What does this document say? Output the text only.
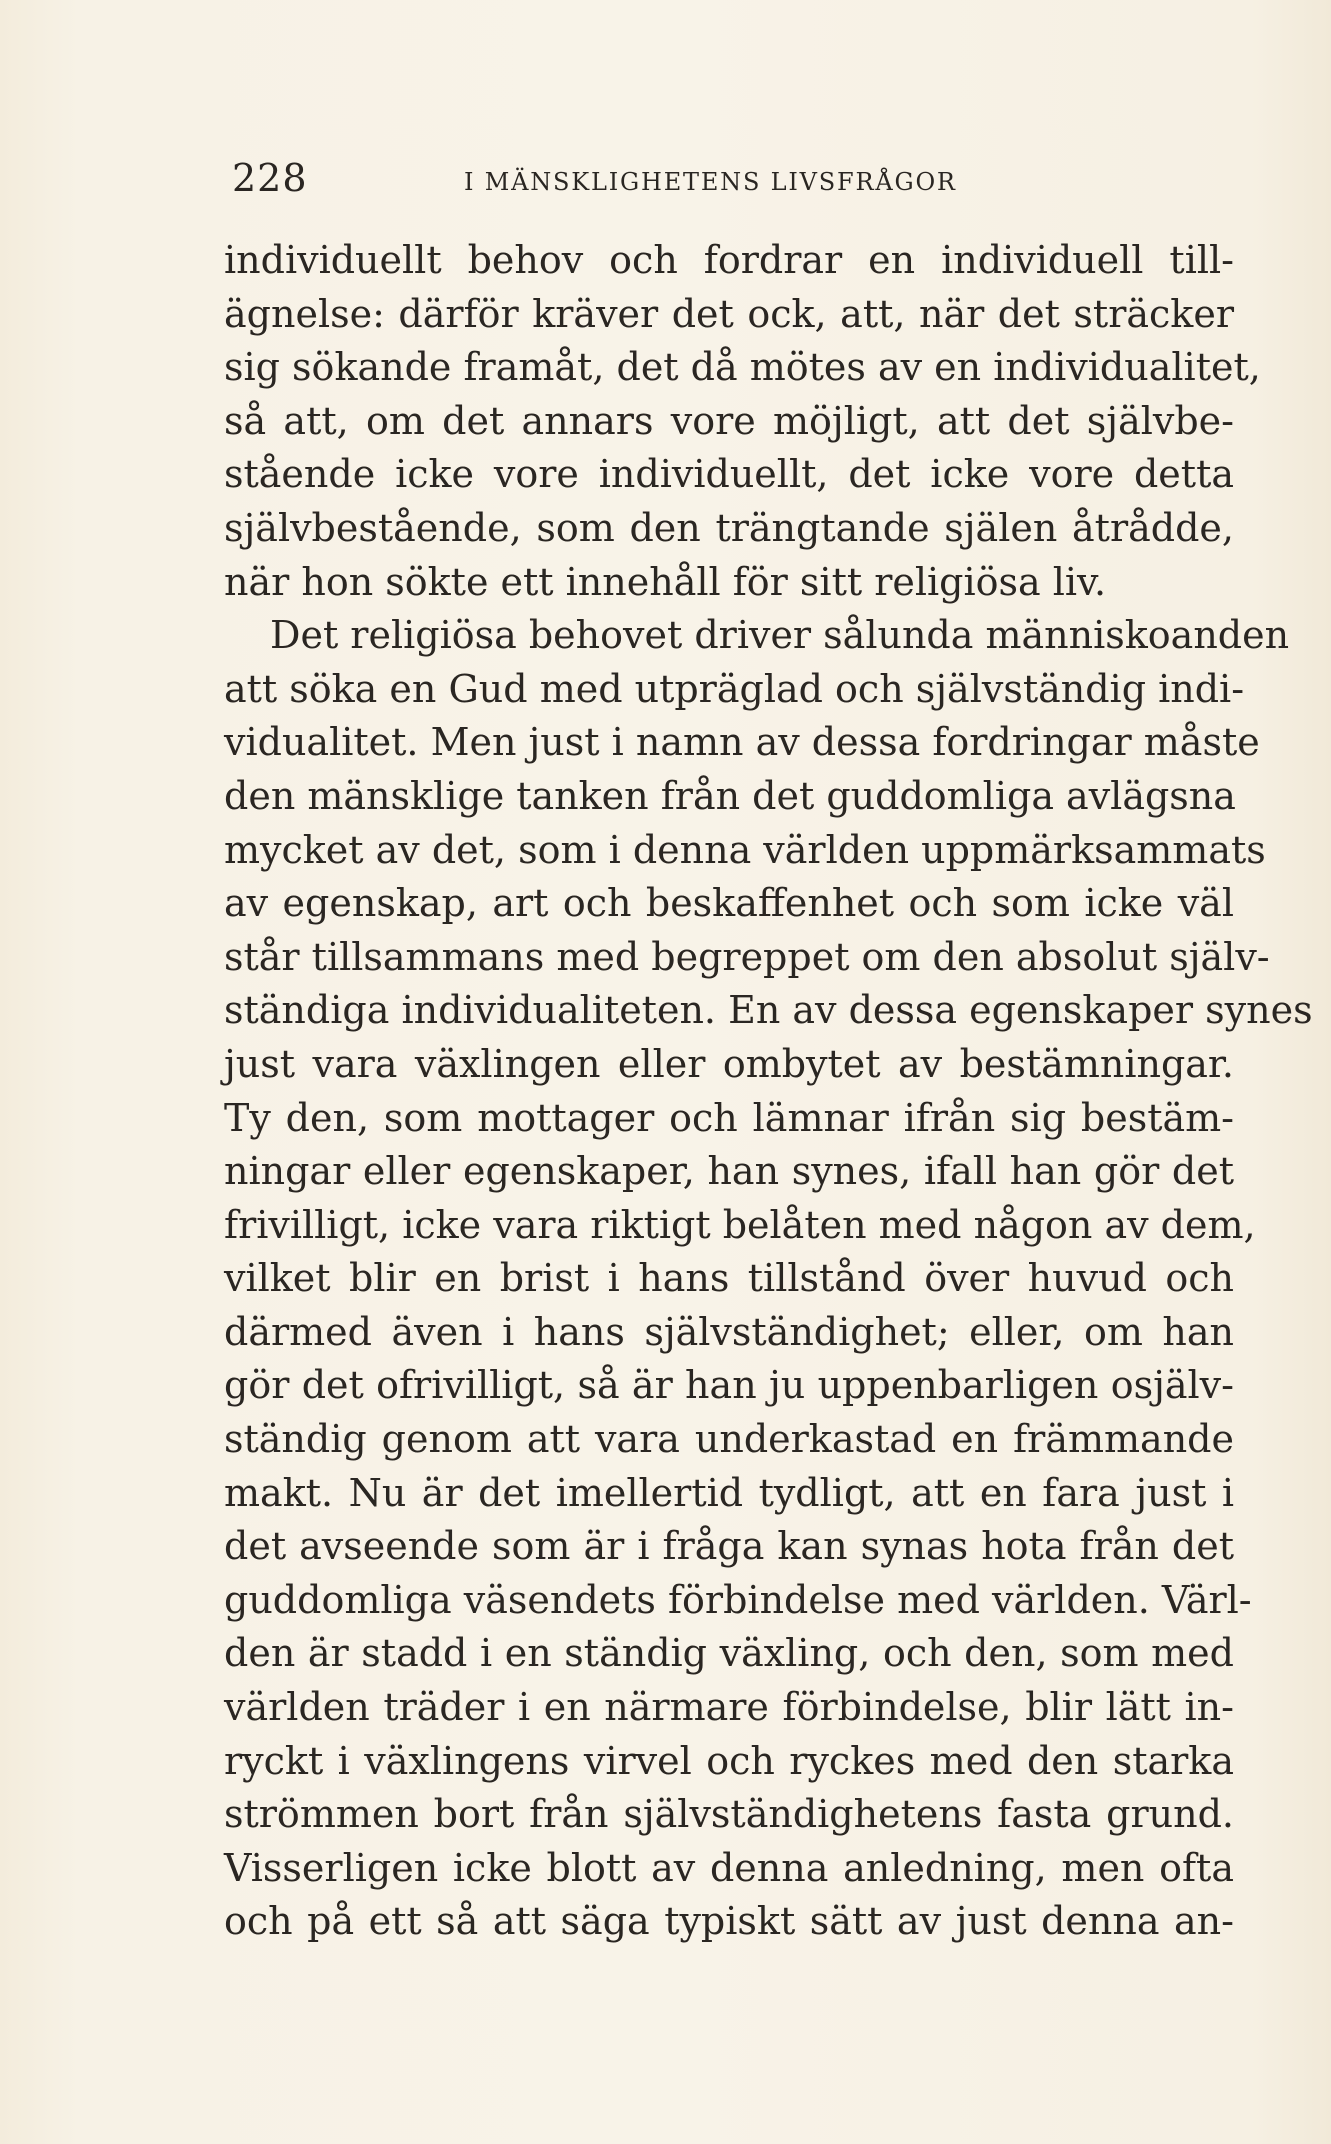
228	I MÄNSKLIGHETENS LIVSFRÅGOR
individuellt behov och fordrar en individuell till-
ägnelse: därför kräver det ock, att, när det sträcker
sig sökande framåt, det då mötes av en individualitet,
så att, om det annars vore möjligt, att det självbe-
stående icke vore individuellt, det icke vore detta
självbestående, som den trängtande själen åtrådde,
när hon sökte ett innehåll för sitt religiösa liv.
Det religiösa behovet driver sålunda människoanden
att söka en Gud med utpräglad och självständig indi-
vidualitet. Men just i namn av dessa fordringar måste
den mänsklige tanken från det guddomliga avlägsna
mycket av det, som i denna världen uppmärksammats
av egenskap, art och beskaffenhet och som icke väl
står tillsammans med begreppet om den absolut själv-
ständiga individualiteten. En av dessa egenskaper synes
just vara växlingen eller ombytet av bestämningar.
Ty den, som mottager och lämnar ifrån sig bestäm-
ningar eller egenskaper, han synes, ifall han gör det
frivilligt, icke vara riktigt belåten med någon av dem,
vilket blir en brist i hans tillstånd över huvud och
därmed även i hans självständighet; eller, om han
gör det ofrivilligt, så är han ju uppenbarligen osjälv-
ständig genom att vara underkastad en främmande
makt. Nu är det imellertid tydligt, att en fara just i
det avseende som är i fråga kan synas hota från det
guddomliga väsendets förbindelse med världen. Värl-
den är stadd i en ständig växling, och den, som med
världen träder i en närmare förbindelse, blir lätt in-
ryckt i växlingens virvel och ryckes med den starka
strömmen bort från självständighetens fasta grund.
Visserligen icke blott av denna anledning, men ofta
och på ett så att säga typiskt sätt av just denna an-
